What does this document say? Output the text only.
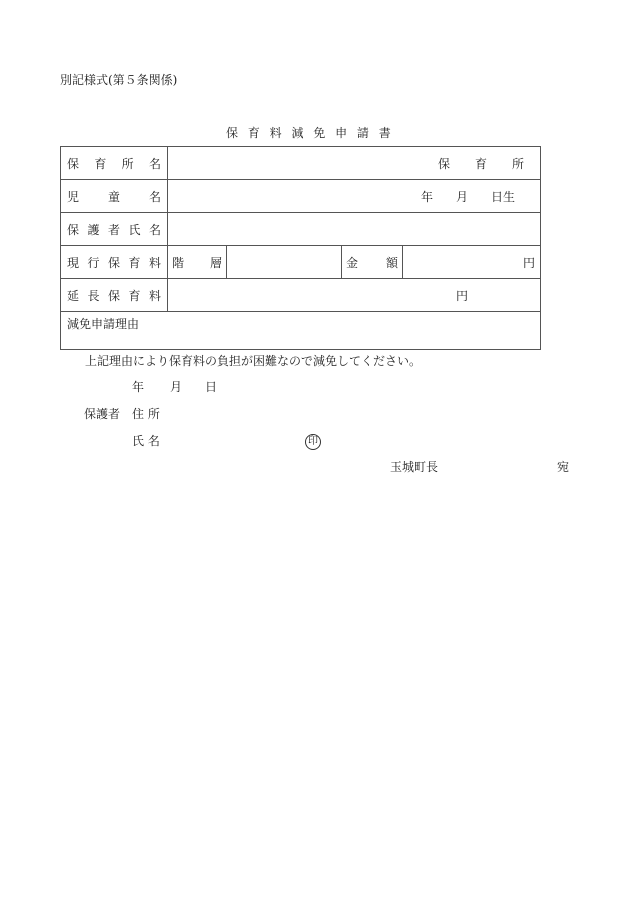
別記様式(第５条関係)
保 育 料 減 免 申 請 書
保 育 所 名	保 育 所			

児 童 名	年 月 日生			

保 護 者 氏 名				

現 行 保 育 料	階 層		金 額	円

延 長 保 育 料	円			
減免申請理由				
上記理由により保育料の負担が困難なので減免してください。
年 月 日
保護者 住 所
氏 名	印
玉城町長	宛
